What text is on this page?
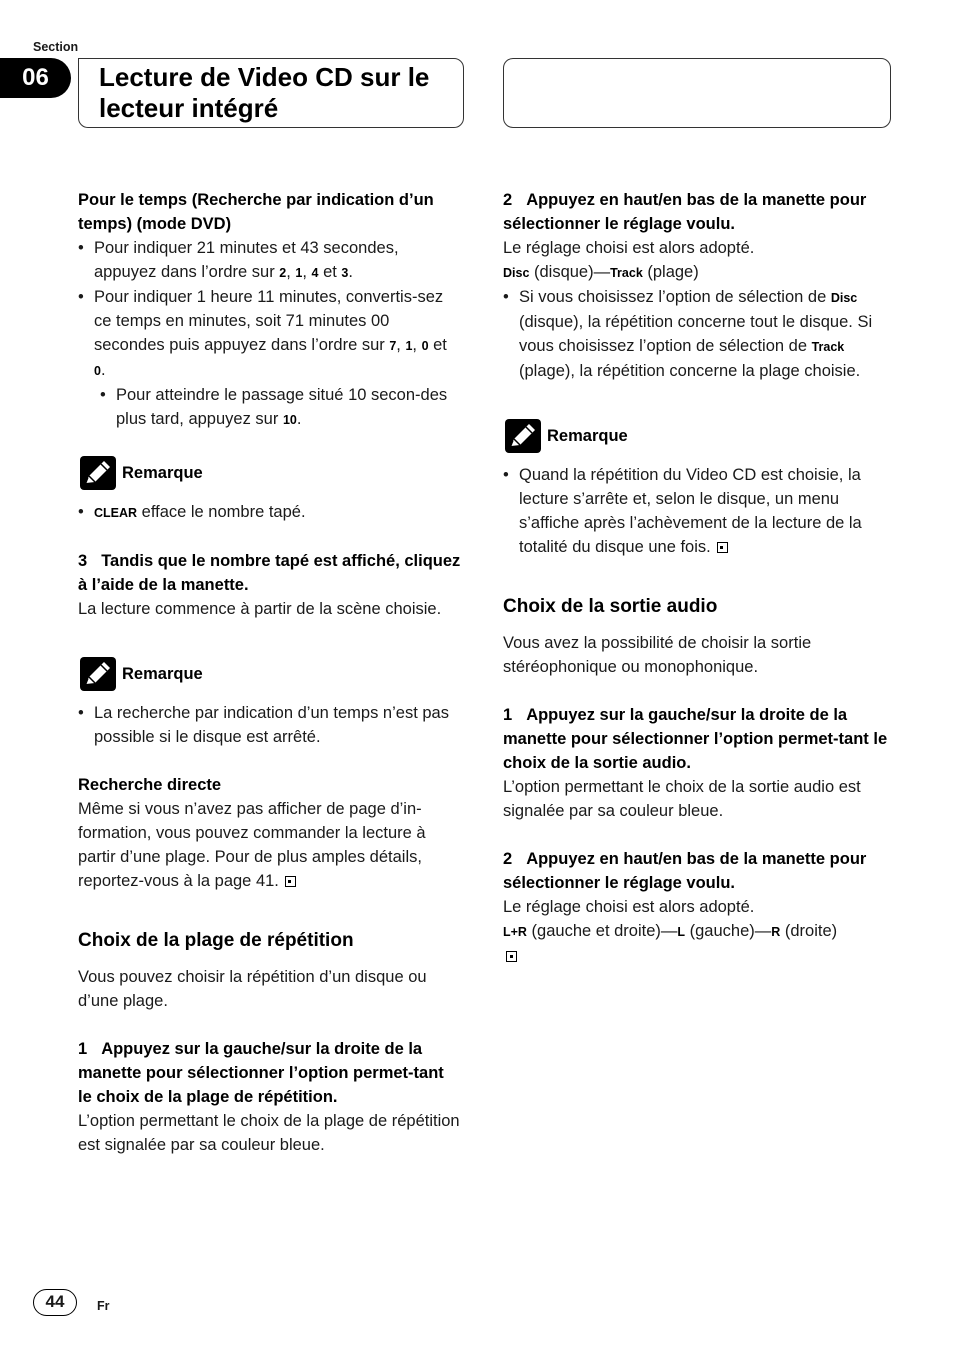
Section
06	Lecture de Video CD sur le lecteur intégré

Pour le temps (Recherche par indication d’un temps) (mode DVD)

• Pour indiquer 21 minutes et 43 secondes, appuyez dans l’ordre sur 2, 1, 4 et 3.

• Pour indiquer 1 heure 11 minutes, convertis-sez ce temps en minutes, soit 71 minutes 00 secondes puis appuyez dans l’ordre sur 7, 1, 0 et 0.

• Pour atteindre le passage situé 10 secon-des plus tard, appuyez sur 10.

Remarque

• CLEAR efface le nombre tapé.

3 Tandis que le nombre tapé est affiché, cliquez à l’aide de la manette.

La lecture commence à partir de la scène choisie.

Remarque

• La recherche par indication d’un temps n’est pas possible si le disque est arrêté.

Recherche directe

Même si vous n’avez pas afficher de page d’in-formation, vous pouvez commander la lecture à partir d’une plage. Pour de plus amples détails, reportez-vous à la page 41.

Choix de la plage de répétition

Vous pouvez choisir la répétition d’un disque ou d’une plage.

1 Appuyez sur la gauche/sur la droite de la manette pour sélectionner l’option permet-tant le choix de la plage de répétition.

L’option permettant le choix de la plage de répétition est signalée par sa couleur bleue.

2 Appuyez en haut/en bas de la manette pour sélectionner le réglage voulu.

Le réglage choisi est alors adopté.

Disc (disque)—Track (plage)

• Si vous choisissez l’option de sélection de Disc (disque), la répétition concerne tout le disque. Si vous choisissez l’option de sélection de Track (plage), la répétition concerne la plage choisie.

Remarque

• Quand la répétition du Video CD est choisie, la lecture s’arrête et, selon le disque, un menu s’affiche après l’achèvement de la lecture de la totalité du disque une fois.

Choix de la sortie audio

Vous avez la possibilité de choisir la sortie stéréophonique ou monophonique.

1 Appuyez sur la gauche/sur la droite de la manette pour sélectionner l’option permet-tant le choix de la sortie audio.

L’option permettant le choix de la sortie audio est signalée par sa couleur bleue.

2 Appuyez en haut/en bas de la manette pour sélectionner le réglage voulu.

Le réglage choisi est alors adopté.

L+R (gauche et droite)—L (gauche)—R (droite)

44	Fr
